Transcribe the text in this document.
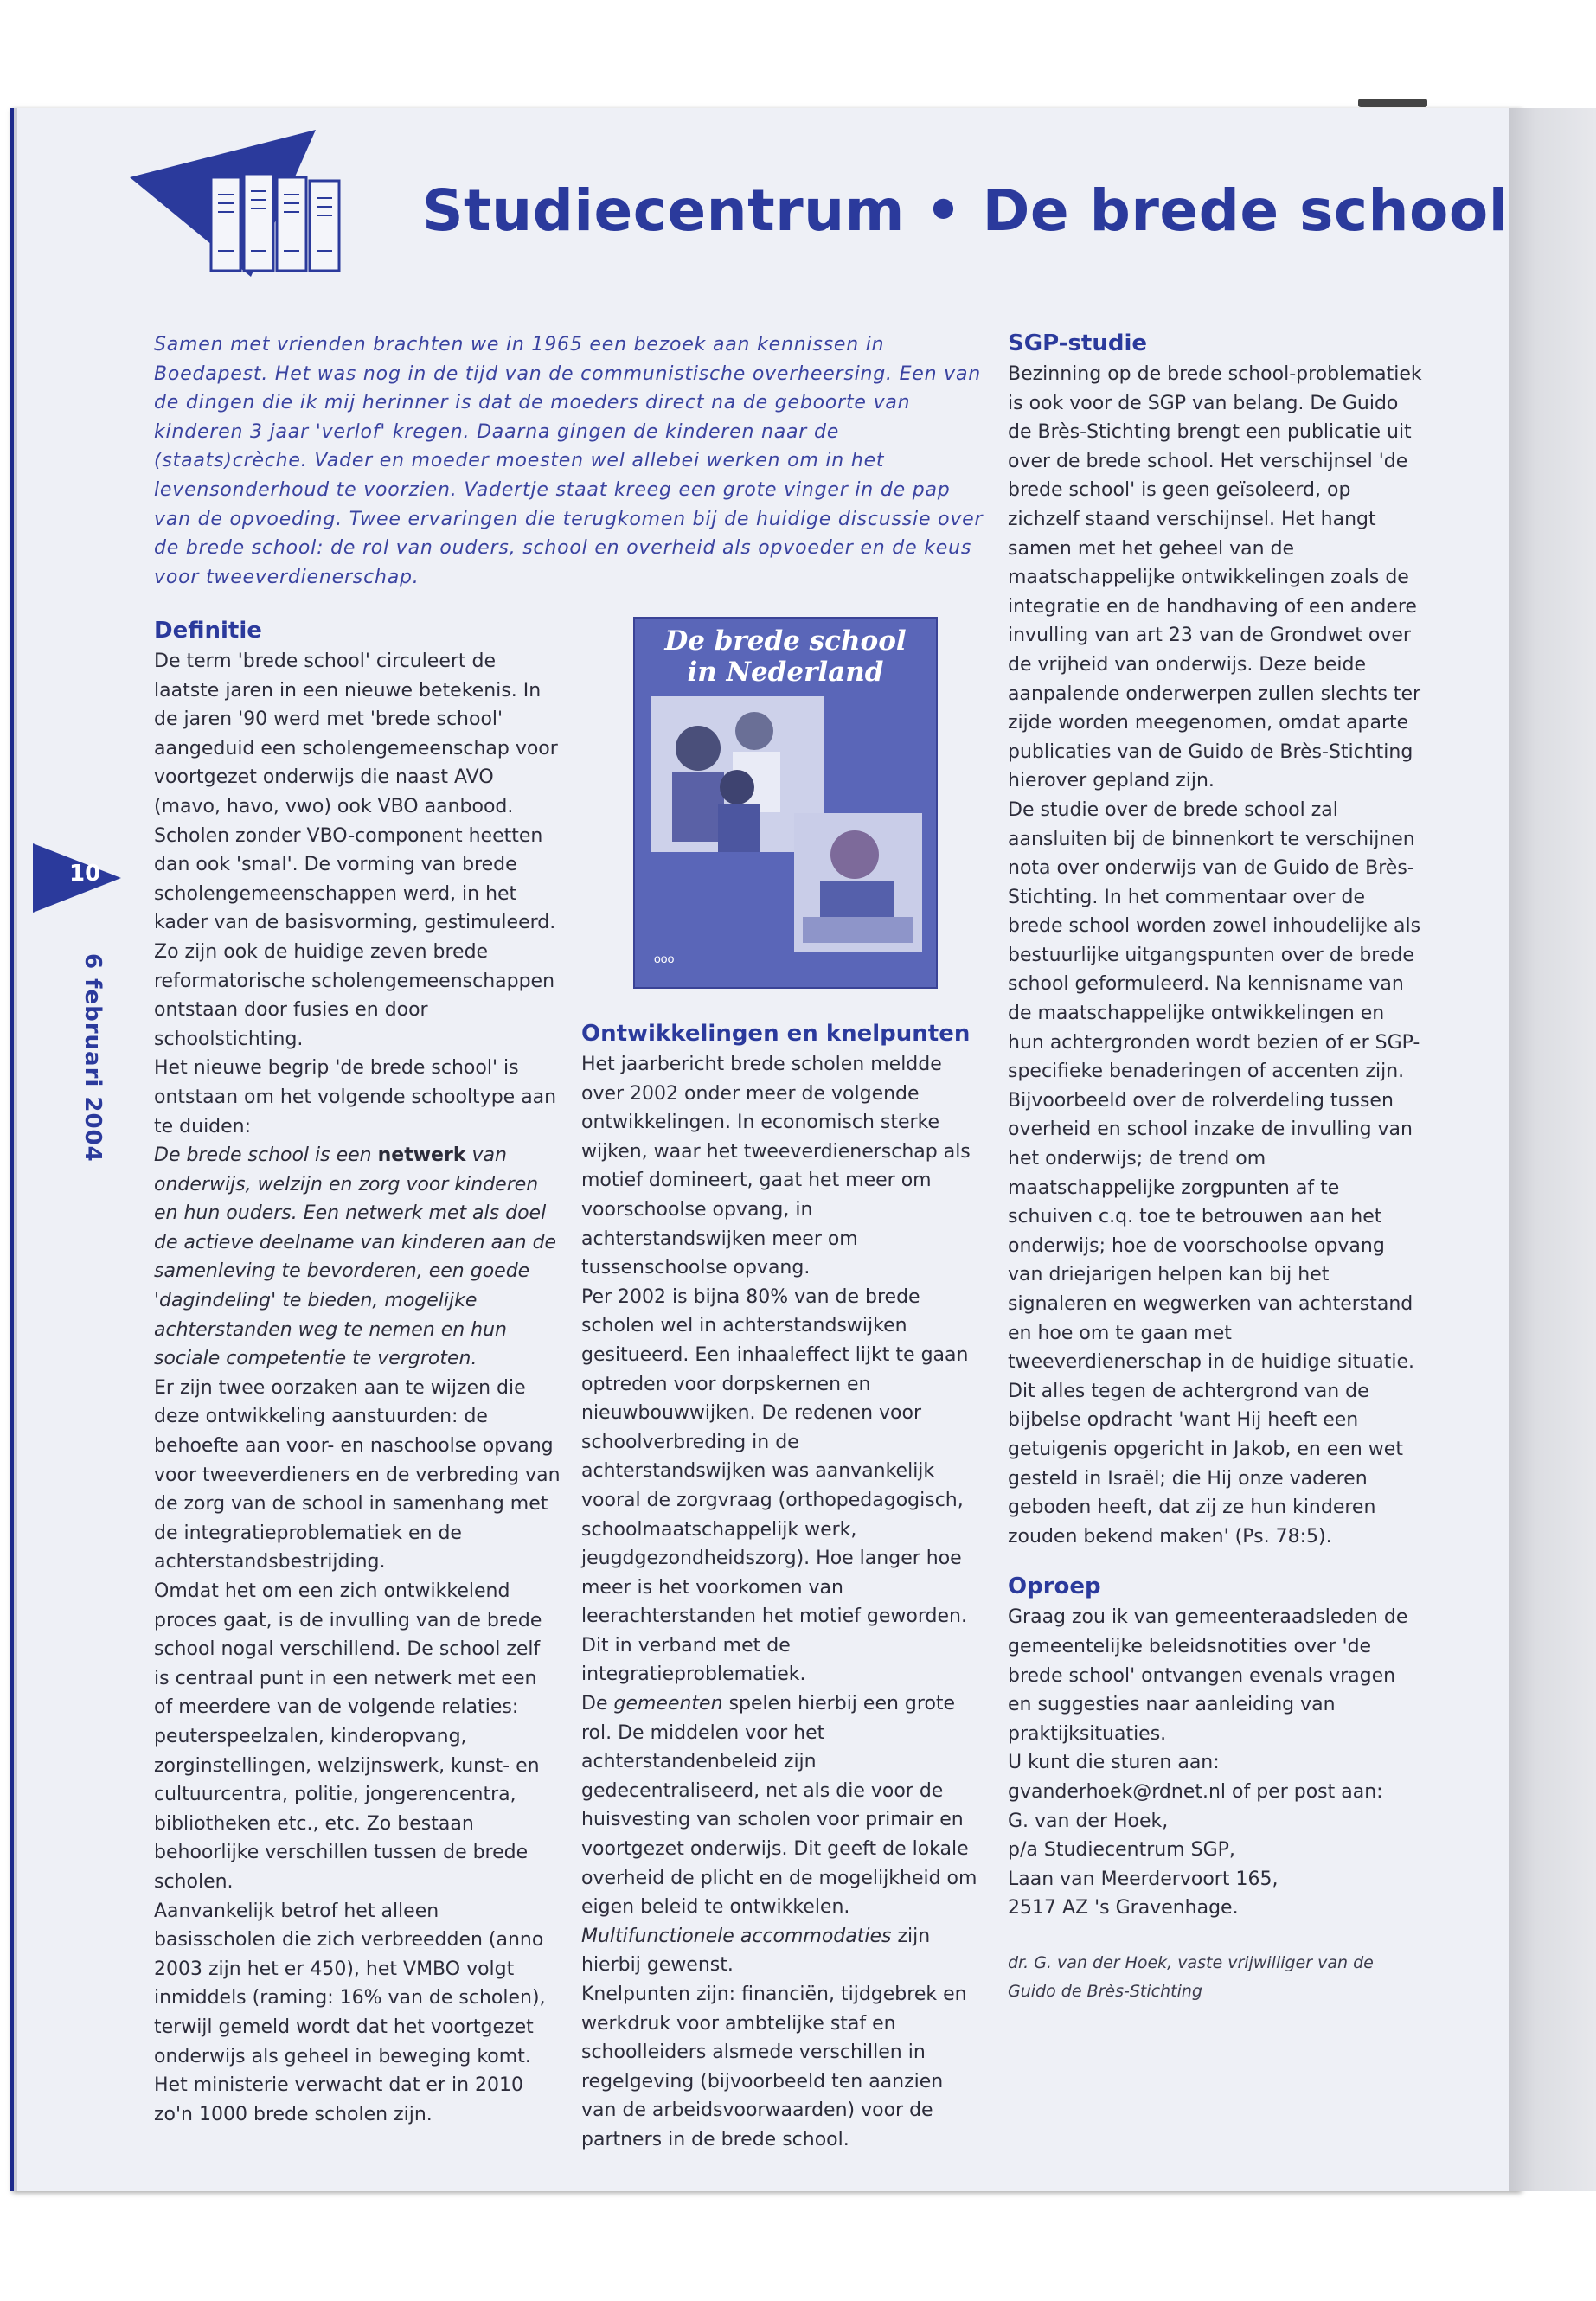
Studiecentrum • De brede school
10
6 februari 2004
Samen met vrienden brachten we in 1965 een bezoek aan kennissen in Boedapest. Het was nog in de tijd van de communistische overheersing. Een van de dingen die ik mij herinner is dat de moeders direct na de geboorte van kinderen 3 jaar 'verlof' kregen. Daarna gingen de kinderen naar de (staats)crèche. Vader en moeder moesten wel allebei werken om in het levensonderhoud te voorzien. Vadertje staat kreeg een grote vinger in de pap van de opvoeding. Twee ervaringen die terugkomen bij de huidige discussie over de brede school: de rol van ouders, school en overheid als opvoeder en de keus voor tweeverdienerschap.
Definitie

De term 'brede school' circuleert de laatste jaren in een nieuwe betekenis. In de jaren '90 werd met 'brede school' aangeduid een scholengemeenschap voor voortgezet onderwijs die naast AVO (mavo, havo, vwo) ook VBO aanbood. Scholen zonder VBO-component heetten dan ook 'smal'. De vorming van brede scholengemeenschappen werd, in het kader van de basisvorming, gestimuleerd. Zo zijn ook de huidige zeven brede reformatorische scholengemeenschappen ontstaan door fusies en door schoolstichting.

Het nieuwe begrip 'de brede school' is ontstaan om het volgende schooltype aan te duiden:

De brede school is een netwerk van onderwijs, welzijn en zorg voor kinderen en hun ouders. Een netwerk met als doel de actieve deelname van kinderen aan de samenleving te bevorderen, een goede 'dagindeling' te bieden, mogelijke achterstanden weg te nemen en hun sociale competentie te vergroten.

Er zijn twee oorzaken aan te wijzen die deze ontwikkeling aanstuurden: de behoefte aan voor- en naschoolse opvang voor tweeverdieners en de verbreding van de zorg van de school in samenhang met de integratieproblematiek en de achterstandsbestrijding.

Omdat het om een zich ontwikkelend proces gaat, is de invulling van de brede school nogal verschillend. De school zelf is centraal punt in een netwerk met een of meerdere van de volgende relaties: peuterspeelzalen, kinderopvang, zorginstellingen, welzijnswerk, kunst- en cultuurcentra, politie, jongerencentra, bibliotheken etc., etc. Zo bestaan behoorlijke verschillen tussen de brede scholen.

Aanvankelijk betrof het alleen basisscholen die zich verbreedden (anno 2003 zijn het er 450), het VMBO volgt inmiddels (raming: 16% van de scholen), terwijl gemeld wordt dat het voortgezet onderwijs als geheel in beweging komt. Het ministerie verwacht dat er in 2010 zo'n 1000 brede scholen zijn.

De brede school
in Nederland
ooo
Ontwikkelingen en knelpunten

Het jaarbericht brede scholen meldde over 2002 onder meer de volgende ontwikkelingen. In economisch sterke wijken, waar het tweeverdienerschap als motief domineert, gaat het meer om voorschoolse opvang, in achterstandswijken meer om tussenschoolse opvang.

Per 2002 is bijna 80% van de brede scholen wel in achterstandswijken gesitueerd. Een inhaaleffect lijkt te gaan optreden voor dorpskernen en nieuwbouwwijken. De redenen voor schoolverbreding in de achterstandswijken was aanvankelijk vooral de zorgvraag (orthopedagogisch, schoolmaatschappelijk werk, jeugdgezondheidszorg). Hoe langer hoe meer is het voorkomen van leerachterstanden het motief geworden. Dit in verband met de integratieproblematiek.

De gemeenten spelen hierbij een grote rol. De middelen voor het achterstandenbeleid zijn gedecentraliseerd, net als die voor de huisvesting van scholen voor primair en voortgezet onderwijs. Dit geeft de lokale overheid de plicht en de mogelijkheid om eigen beleid te ontwikkelen. Multifunctionele accommodaties zijn hierbij gewenst.

Knelpunten zijn: financiën, tijdgebrek en werkdruk voor ambtelijke staf en schoolleiders alsmede verschillen in regelgeving (bijvoorbeeld ten aanzien van de arbeidsvoorwaarden) voor de partners in de brede school.

SGP-studie

Bezinning op de brede school-problematiek is ook voor de SGP van belang. De Guido de Brès-Stichting brengt een publicatie uit over de brede school. Het verschijnsel 'de brede school' is geen geïsoleerd, op zichzelf staand verschijnsel. Het hangt samen met het geheel van de maatschappelijke ontwikkelingen zoals de integratie en de handhaving of een andere invulling van art 23 van de Grondwet over de vrijheid van onderwijs. Deze beide aanpalende onderwerpen zullen slechts ter zijde worden meegenomen, omdat aparte publicaties van de Guido de Brès-Stichting hierover gepland zijn.

De studie over de brede school zal aansluiten bij de binnenkort te verschijnen nota over onderwijs van de Guido de Brès-Stichting. In het commentaar over de brede school worden zowel inhoudelijke als bestuurlijke uitgangspunten over de brede school geformuleerd. Na kennisname van de maatschappelijke ontwikkelingen en hun achtergronden wordt bezien of er SGP-specifieke benaderingen of accenten zijn. Bijvoorbeeld over de rolverdeling tussen overheid en school inzake de invulling van het onderwijs; de trend om maatschappelijke zorgpunten af te schuiven c.q. toe te betrouwen aan het onderwijs; hoe de voorschoolse opvang van driejarigen helpen kan bij het signaleren en wegwerken van achterstand en hoe om te gaan met tweeverdienerschap in de huidige situatie. Dit alles tegen de achtergrond van de bijbelse opdracht 'want Hij heeft een getuigenis opgericht in Jakob, en een wet gesteld in Israël; die Hij onze vaderen geboden heeft, dat zij ze hun kinderen zouden bekend maken' (Ps. 78:5).

Oproep

Graag zou ik van gemeenteraadsleden de gemeentelijke beleidsnotities over 'de brede school' ontvangen evenals vragen en suggesties naar aanleiding van praktijksituaties.

U kunt die sturen aan:

gvanderhoek@rdnet.nl of per post aan:

G. van der Hoek,

p/a Studiecentrum SGP,

Laan van Meerdervoort 165,

2517 AZ 's Gravenhage.

dr. G. van der Hoek, vaste vrijwilliger van de Guido de Brès-Stichting
